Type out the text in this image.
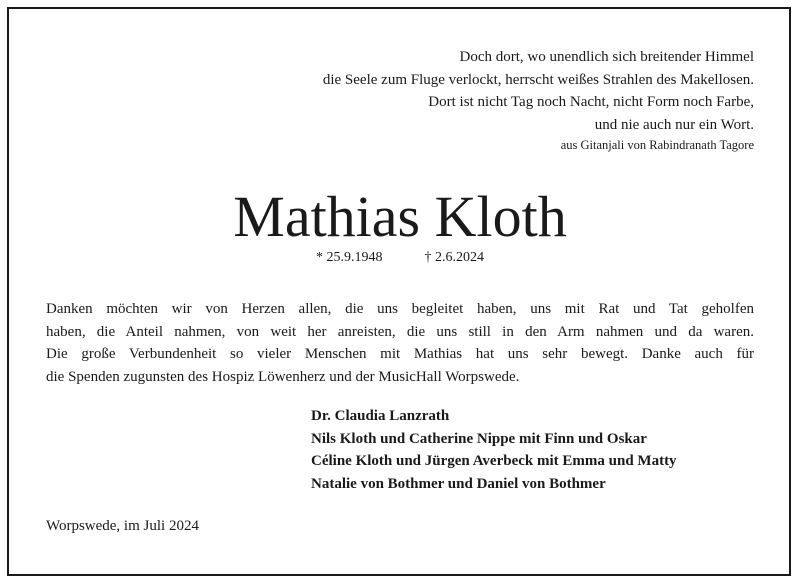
Doch dort, wo unendlich sich breitender Himmel
die Seele zum Fluge verlockt, herrscht weißes Strahlen des Makellosen.
Dort ist nicht Tag noch Nacht, nicht Form noch Farbe,
und nie auch nur ein Wort.
aus Gitanjali von Rabindranath Tagore
Mathias Kloth
* 25.9.1948	† 2.6.2024
Danken möchten wir von Herzen allen, die uns begleitet haben, uns mit Rat und Tat geholfen
haben, die Anteil nahmen, von weit her anreisten, die uns still in den Arm nahmen und da waren.
Die große Verbundenheit so vieler Menschen mit Mathias hat uns sehr bewegt. Danke auch für
die Spenden zugunsten des Hospiz Löwenherz und der MusicHall Worpswede.
Dr. Claudia Lanzrath
Nils Kloth und Catherine Nippe mit Finn und Oskar
Céline Kloth und Jürgen Averbeck mit Emma und Matty
Natalie von Bothmer und Daniel von Bothmer
Worpswede, im Juli 2024
